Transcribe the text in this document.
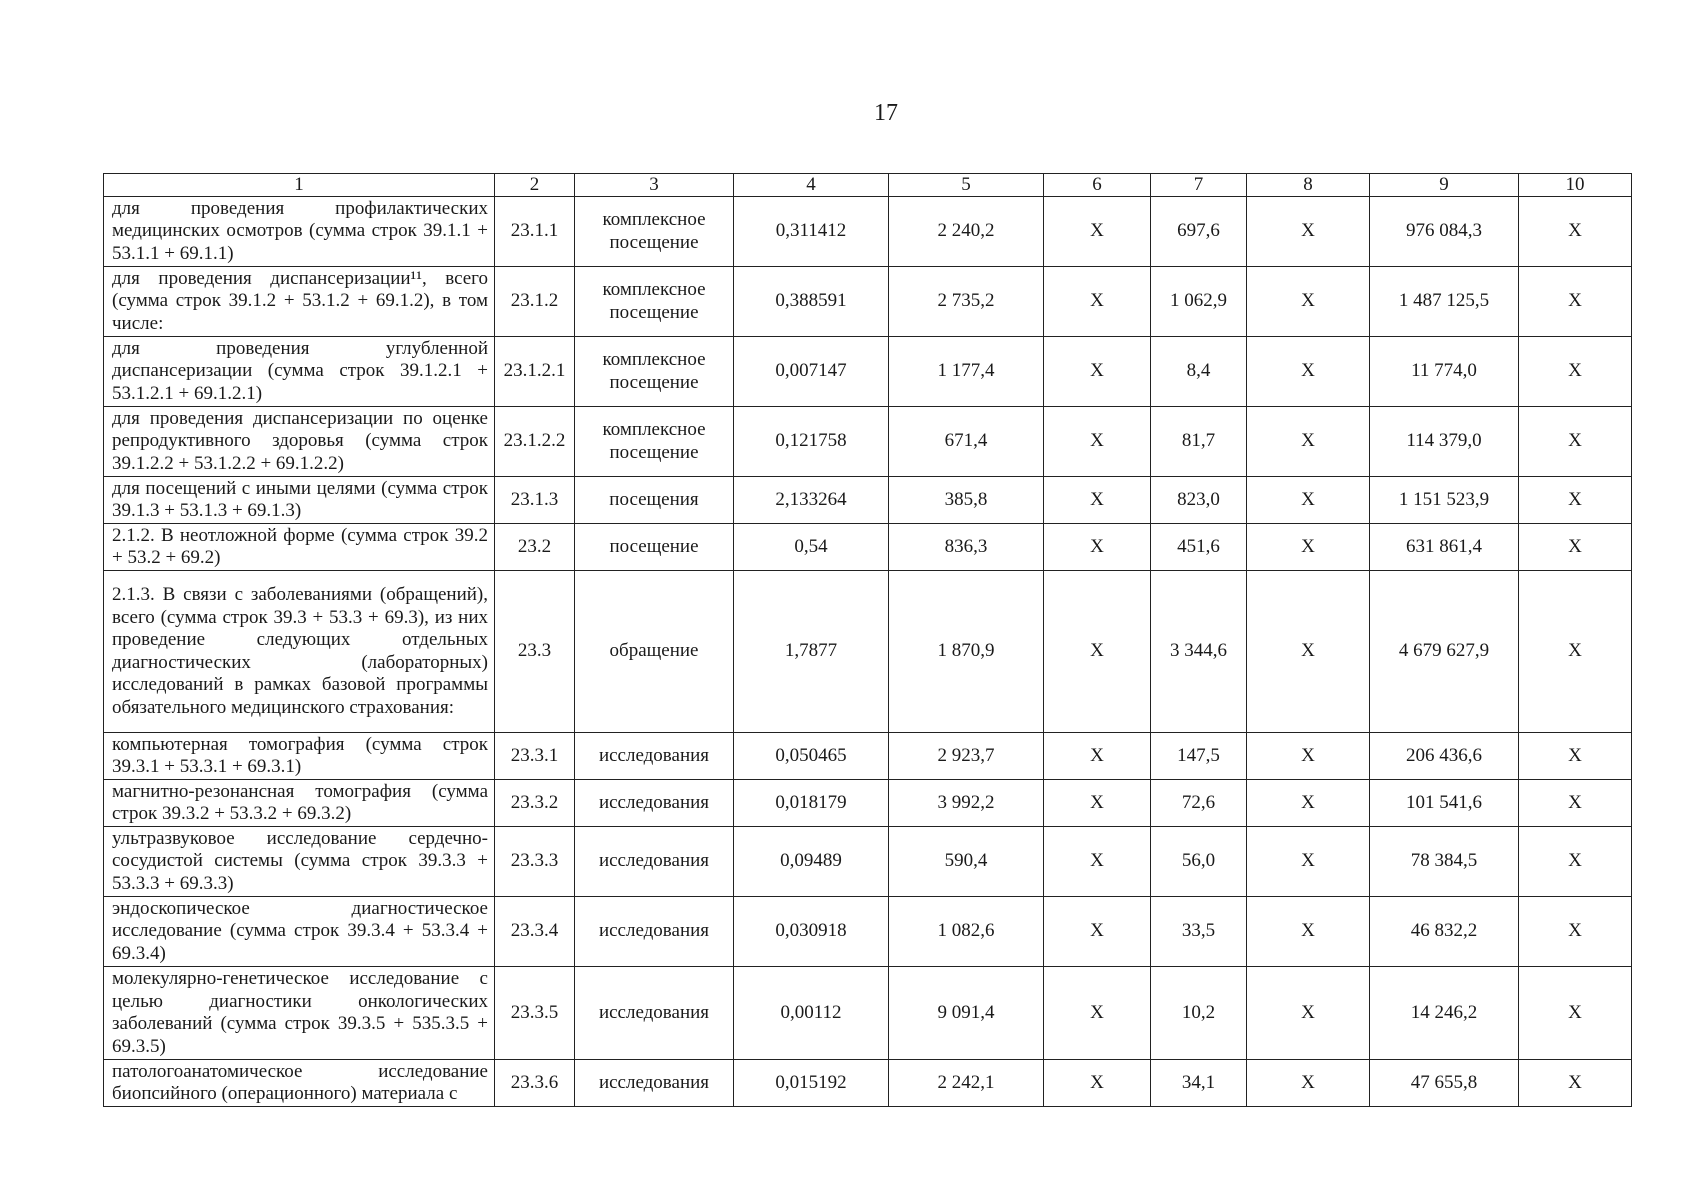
17
1	2	3	4	5	6	7	8	9	10
для проведения профилактических медицинских осмотров (сумма строк 39.1.1 + 53.1.1 + 69.1.1)	23.1.1	комплексное посещение	0,311412	2 240,2	X	697,6	X	976 084,3	X
для проведения диспансеризации¹¹, всего (сумма строк 39.1.2 + 53.1.2 + 69.1.2), в том числе:	23.1.2	комплексное посещение	0,388591	2 735,2	X	1 062,9	X	1 487 125,5	X
для проведения углубленной диспансеризации (сумма строк 39.1.2.1 + 53.1.2.1 + 69.1.2.1)	23.1.2.1	комплексное посещение	0,007147	1 177,4	X	8,4	X	11 774,0	X
для проведения диспансеризации по оценке репродуктивного здоровья (сумма строк 39.1.2.2 + 53.1.2.2 + 69.1.2.2)	23.1.2.2	комплексное посещение	0,121758	671,4	X	81,7	X	114 379,0	X
для посещений с иными целями (сумма строк 39.1.3 + 53.1.3 + 69.1.3)	23.1.3	посещения	2,133264	385,8	X	823,0	X	1 151 523,9	X
2.1.2. В неотложной форме (сумма строк 39.2 + 53.2 + 69.2)	23.2	посещение	0,54	836,3	X	451,6	X	631 861,4	X
2.1.3. В связи с заболеваниями (обращений), всего (сумма строк 39.3 + 53.3 + 69.3), из них проведение следующих отдельных диагностических (лабораторных) исследований в рамках базовой программы обязательного медицинского страхования:	23.3	обращение	1,7877	1 870,9	X	3 344,6	X	4 679 627,9	X
компьютерная томография (сумма строк 39.3.1 + 53.3.1 + 69.3.1)	23.3.1	исследования	0,050465	2 923,7	X	147,5	X	206 436,6	X
магнитно-резонансная томография (сумма строк 39.3.2 + 53.3.2 + 69.3.2)	23.3.2	исследования	0,018179	3 992,2	X	72,6	X	101 541,6	X
ультразвуковое исследование сердечно-сосудистой системы (сумма строк 39.3.3 + 53.3.3 + 69.3.3)	23.3.3	исследования	0,09489	590,4	X	56,0	X	78 384,5	X
эндоскопическое диагностическое исследование (сумма строк 39.3.4 + 53.3.4 + 69.3.4)	23.3.4	исследования	0,030918	1 082,6	X	33,5	X	46 832,2	X
молекулярно-генетическое исследование с целью диагностики онкологических заболеваний (сумма строк 39.3.5 + 535.3.5 + 69.3.5)	23.3.5	исследования	0,00112	9 091,4	X	10,2	X	14 246,2	X
патологоанатомическое исследование биопсийного (операционного) материала с	23.3.6	исследования	0,015192	2 242,1	X	34,1	X	47 655,8	X
